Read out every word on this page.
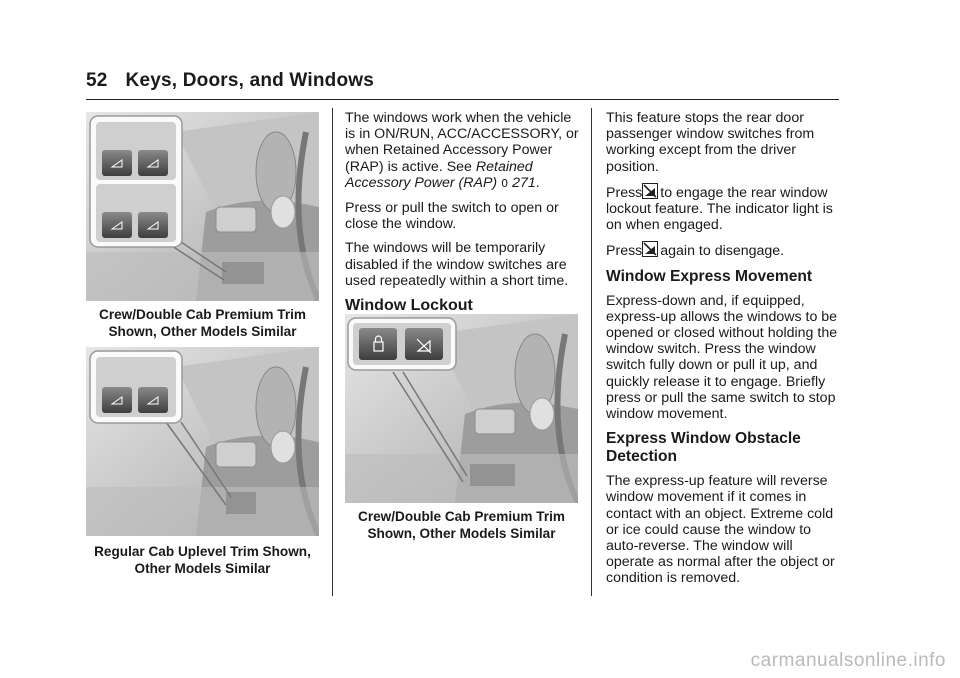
52 Keys, Doors, and Windows
Crew/Double Cab Premium Trim
Shown, Other Models Similar
Regular Cab Uplevel Trim Shown,
Other Models Similar

The windows work when the vehicle is in ON/RUN, ACC/ACCESSORY, or when Retained Accessory Power (RAP) is active. See Retained Accessory Power (RAP) 0 271.

Press or pull the switch to open or close the window.

The windows will be temporarily disabled if the window switches are used repeatedly within a short time.

Window Lockout
Crew/Double Cab Premium Trim
Shown, Other Models Similar

This feature stops the rear door passenger window switches from working except from the driver position.

Press to engage the rear window lockout feature. The indicator light is on when engaged.

Press again to disengage.

Window Express Movement

Express-down and, if equipped, express-up allows the windows to be opened or closed without holding the window switch. Press the window switch fully down or pull it up, and quickly release it to engage. Briefly press or pull the same switch to stop window movement.

Express Window Obstacle Detection

The express-up feature will reverse window movement if it comes in contact with an object. Extreme cold or ice could cause the window to auto-reverse. The window will operate as normal after the object or condition is removed.

carmanualsonline.info
